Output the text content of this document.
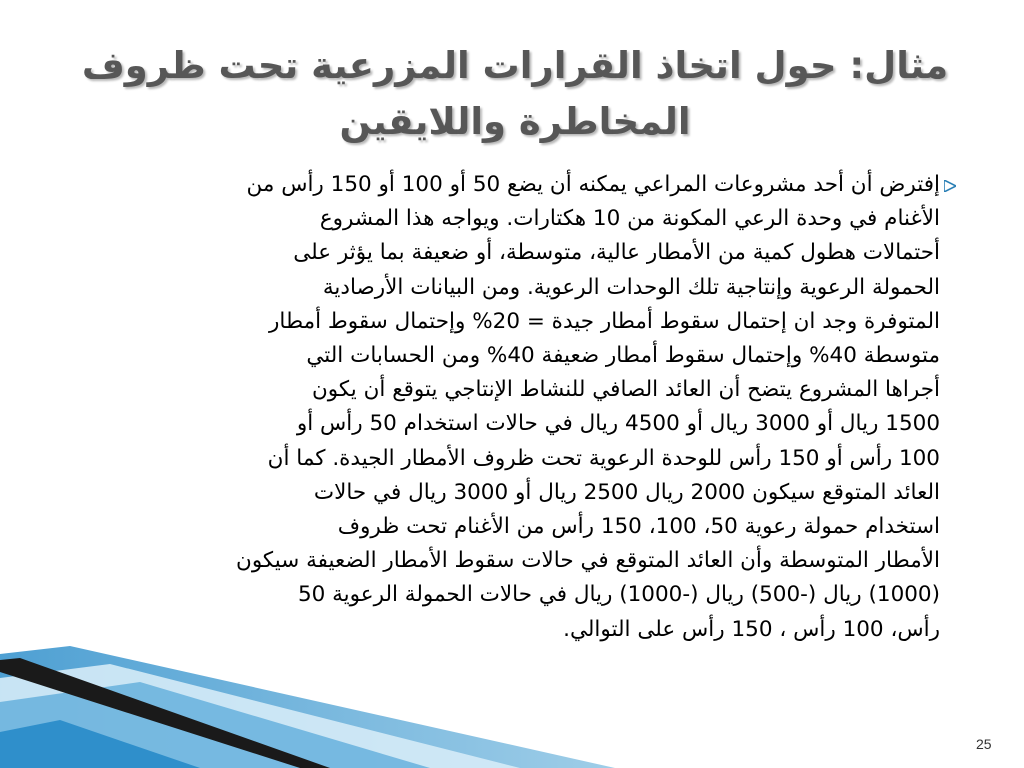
مثال: حول اتخاذ القرارات المزرعية تحت ظروف
المخاطرة واللايقين
إفترض أن أحد مشروعات المراعي يمكنه أن يضع 50 أو 100 أو 150 رأس من
الأغنام في وحدة الرعي المكونة من 10 هكتارات. ويواجه هذا المشروع
أحتمالات هطول كمية من الأمطار عالية، متوسطة، أو ضعيفة بما يؤثر على
الحمولة الرعوية وإنتاجية تلك الوحدات الرعوية. ومن البيانات الأرصادية
المتوفرة وجد ان إحتمال سقوط أمطار جيدة = 20% وإحتمال سقوط أمطار
متوسطة 40% وإحتمال سقوط أمطار ضعيفة 40% ومن الحسابات التي
أجراها المشروع يتضح أن العائد الصافي للنشاط الإنتاجي يتوقع أن يكون
1500 ريال أو 3000 ريال أو 4500 ريال في حالات استخدام 50 رأس أو
100 رأس أو 150 رأس للوحدة الرعوية تحت ظروف الأمطار الجيدة. كما أن
العائد المتوقع سيكون 2000 ريال 2500 ريال أو 3000 ريال في حالات
استخدام حمولة رعوية 50، 100، 150 رأس من الأغنام تحت ظروف
الأمطار المتوسطة وأن العائد المتوقع في حالات سقوط الأمطار الضعيفة سيكون
(1000) ريال (-500) ريال (-1000) ريال في حالات الحمولة الرعوية 50
رأس، 100 رأس ، 150 رأس على التوالي.
25
